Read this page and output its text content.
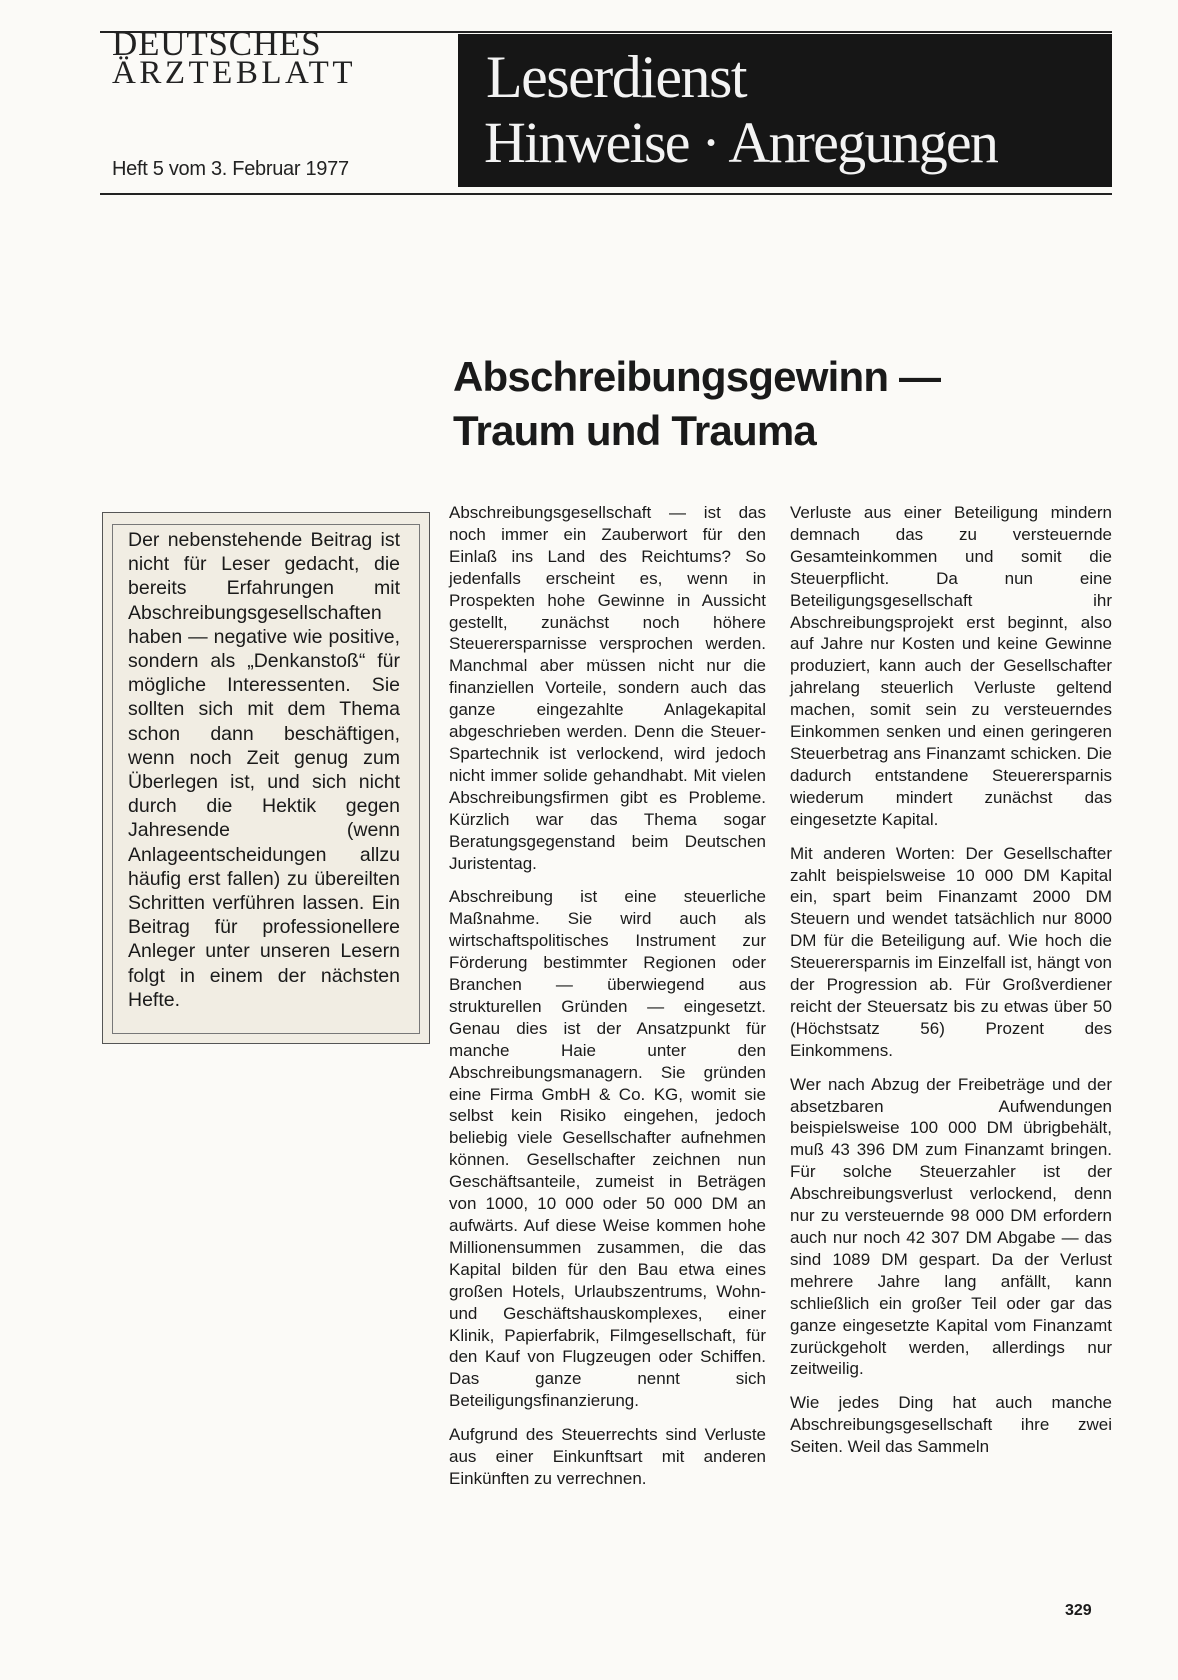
DEUTSCHES
ÄRZTEBLATT
Heft 5 vom 3. Februar 1977
Leserdienst
Hinweise · Anregungen
Abschreibungsgewinn —
Traum und Trauma
Der nebenstehende Beitrag ist nicht für Leser gedacht, die bereits Erfahrungen mit Abschreibungsgesellschaften haben — negative wie positive, sondern als „Denkanstoß“ für mögliche Interessenten. Sie sollten sich mit dem Thema schon dann beschäftigen, wenn noch Zeit genug zum Überlegen ist, und sich nicht durch die Hektik gegen Jahresende (wenn Anlageentscheidungen allzu häufig erst fallen) zu übereilten Schritten verführen lassen. Ein Beitrag für professionellere Anleger unter unseren Lesern folgt in einem der nächsten Hefte.

Abschreibungsgesellschaft — ist das noch immer ein Zauberwort für den Einlaß ins Land des Reichtums? So jedenfalls erscheint es, wenn in Prospekten hohe Gewinne in Aussicht gestellt, zunächst noch höhere Steuerersparnisse versprochen werden. Manchmal aber müssen nicht nur die finanziellen Vorteile, sondern auch das ganze eingezahlte Anlagekapital abgeschrieben werden. Denn die Steuer-Spartechnik ist verlockend, wird jedoch nicht immer solide gehandhabt. Mit vielen Abschreibungsfirmen gibt es Probleme. Kürzlich war das Thema sogar Beratungsgegenstand beim Deutschen Juristentag.

Abschreibung ist eine steuerliche Maßnahme. Sie wird auch als wirtschaftspolitisches Instrument zur Förderung bestimmter Regionen oder Branchen — überwiegend aus strukturellen Gründen — eingesetzt. Genau dies ist der Ansatzpunkt für manche Haie unter den Abschreibungsmanagern. Sie gründen eine Firma GmbH & Co. KG, womit sie selbst kein Risiko eingehen, jedoch beliebig viele Gesellschafter aufnehmen können. Gesellschafter zeichnen nun Geschäftsanteile, zumeist in Beträgen von 1000, 10 000 oder 50 000 DM an aufwärts. Auf diese Weise kommen hohe Millionensummen zusammen, die das Kapital bilden für den Bau etwa eines großen Hotels, Urlaubszentrums, Wohn- und Geschäftshauskomplexes, einer Klinik, Papierfabrik, Filmgesellschaft, für den Kauf von Flugzeugen oder Schiffen. Das ganze nennt sich Beteiligungsfinanzierung.

Aufgrund des Steuerrechts sind Verluste aus einer Einkunftsart mit anderen Einkünften zu verrechnen.

Verluste aus einer Beteiligung mindern demnach das zu versteuernde Gesamteinkommen und somit die Steuerpflicht. Da nun eine Beteiligungsgesellschaft ihr Abschreibungsprojekt erst beginnt, also auf Jahre nur Kosten und keine Gewinne produziert, kann auch der Gesellschafter jahrelang steuerlich Verluste geltend machen, somit sein zu versteuerndes Einkommen senken und einen geringeren Steuerbetrag ans Finanzamt schicken. Die dadurch entstandene Steuerersparnis wiederum mindert zunächst das eingesetzte Kapital.

Mit anderen Worten: Der Gesellschafter zahlt beispielsweise 10 000 DM Kapital ein, spart beim Finanzamt 2000 DM Steuern und wendet tatsächlich nur 8000 DM für die Beteiligung auf. Wie hoch die Steuerersparnis im Einzelfall ist, hängt von der Progression ab. Für Großverdiener reicht der Steuersatz bis zu etwas über 50 (Höchstsatz 56) Prozent des Einkommens.

Wer nach Abzug der Freibeträge und der absetzbaren Aufwendungen beispielsweise 100 000 DM übrigbehält, muß 43 396 DM zum Finanzamt bringen. Für solche Steuerzahler ist der Abschreibungsverlust verlockend, denn nur zu versteuernde 98 000 DM erfordern auch nur noch 42 307 DM Abgabe — das sind 1089 DM gespart. Da der Verlust mehrere Jahre lang anfällt, kann schließlich ein großer Teil oder gar das ganze eingesetzte Kapital vom Finanzamt zurückgeholt werden, allerdings nur zeitweilig.

Wie jedes Ding hat auch manche Abschreibungsgesellschaft ihre zwei Seiten. Weil das Sammeln

329
